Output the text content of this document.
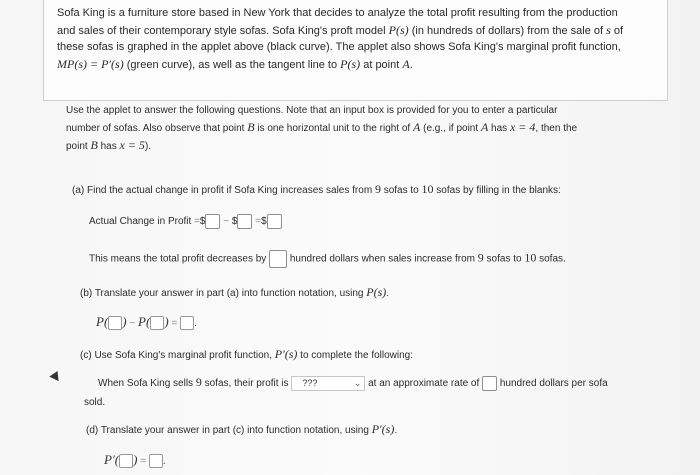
Sofa King is a furniture store based in New York that decides to analyze the total profit resulting from the production
and sales of their contemporary style sofas. Sofa King's proft model P(s) (in hundreds of dollars) from the sale of s of
these sofas is graphed in the applet above (black curve). The applet also shows Sofa King's marginal profit function,
MP(s) = P′(s) (green curve), as well as the tangent line to P(s) at point A.
Use the applet to answer the following questions. Note that an input box is provided for you to enter a particular
number of sofas. Also observe that point B is one horizontal unit to the right of A (e.g., if point A has x = 4, then the
point B has x = 5).
(a) Find the actual change in profit if Sofa King increases sales from 9 sofas to 10 sofas by filling in the blanks:
Actual Change in Profit =$ − $ =$
This means the total profit decreases by hundred dollars when sales increase from 9 sofas to 10 sofas.
(b) Translate your answer in part (a) into function notation, using P(s).
P( ) − P( ) = .
(c) Use Sofa King's marginal profit function, P′(s) to complete the following:
When Sofa King sells 9 sofas, their profit is ???	⌄ at an approximate rate of hundred dollars per sofa
sold.
(d) Translate your answer in part (c) into function notation, using P′(s).
P′( ) = .
